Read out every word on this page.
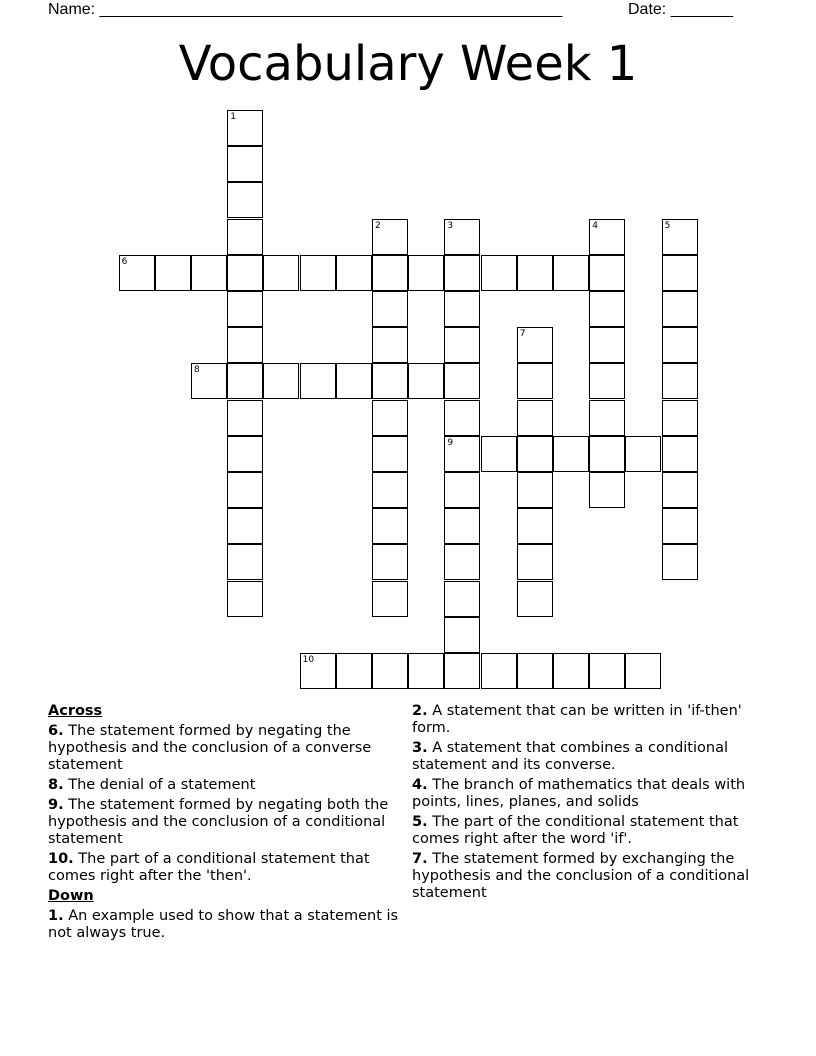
Name: ____________________________________________________	Date: _______
Vocabulary Week 1
1
2	3
9
4	5
6
7
8
10
Across
6. The statement formed by negating the hypothesis and the conclusion of a converse statement
8. The denial of a statement
9. The statement formed by negating both the hypothesis and the conclusion of a conditional statement
10. The part of a conditional statement that comes right after the 'then'.
Down
1. An example used to show that a statement is not always true.
2. A statement that can be written in 'if-then' form.
3. A statement that combines a conditional statement and its converse.
4. The branch of mathematics that deals with points, lines, planes, and solids
5. The part of the conditional statement that comes right after the word 'if'.
7. The statement formed by exchanging the hypothesis and the conclusion of a conditional statement
